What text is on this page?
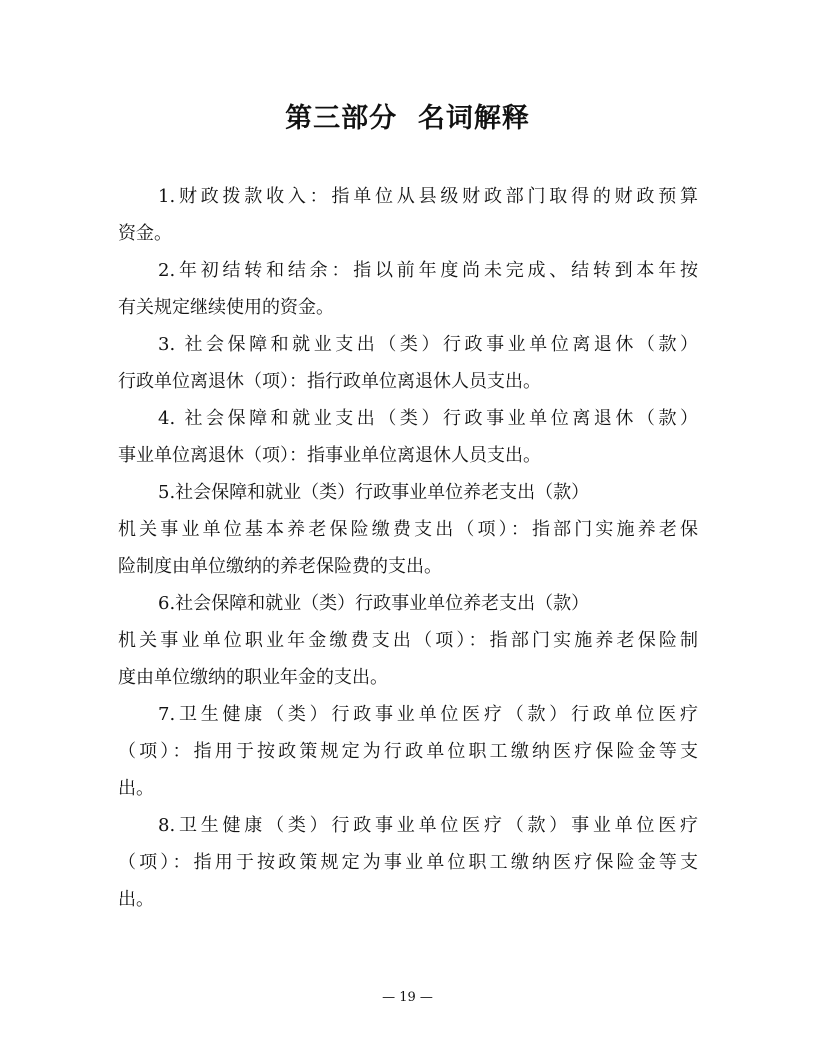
第三部分  名词解释
1.财政拨款收入：指单位从县级财政部门取得的财政预算
资金。
2.年初结转和结余：指以前年度尚未完成、结转到本年按
有关规定继续使用的资金。
3. 社会保障和就业支出（类）行政事业单位离退休（款）
行政单位离退休（项）：指行政单位离退休人员支出。
4. 社会保障和就业支出（类）行政事业单位离退休（款）
事业单位离退休（项）：指事业单位离退休人员支出。
5.社会保障和就业（类）行政事业单位养老支出（款）
机关事业单位基本养老保险缴费支出（项）：指部门实施养老保
险制度由单位缴纳的养老保险费的支出。
6.社会保障和就业（类）行政事业单位养老支出（款）
机关事业单位职业年金缴费支出（项）：指部门实施养老保险制
度由单位缴纳的职业年金的支出。
7.卫生健康（类）行政事业单位医疗（款）行政单位医疗
（项）：指用于按政策规定为行政单位职工缴纳医疗保险金等支
出。
8.卫生健康（类）行政事业单位医疗（款）事业单位医疗
（项）：指用于按政策规定为事业单位职工缴纳医疗保险金等支
出。
— 19 —
